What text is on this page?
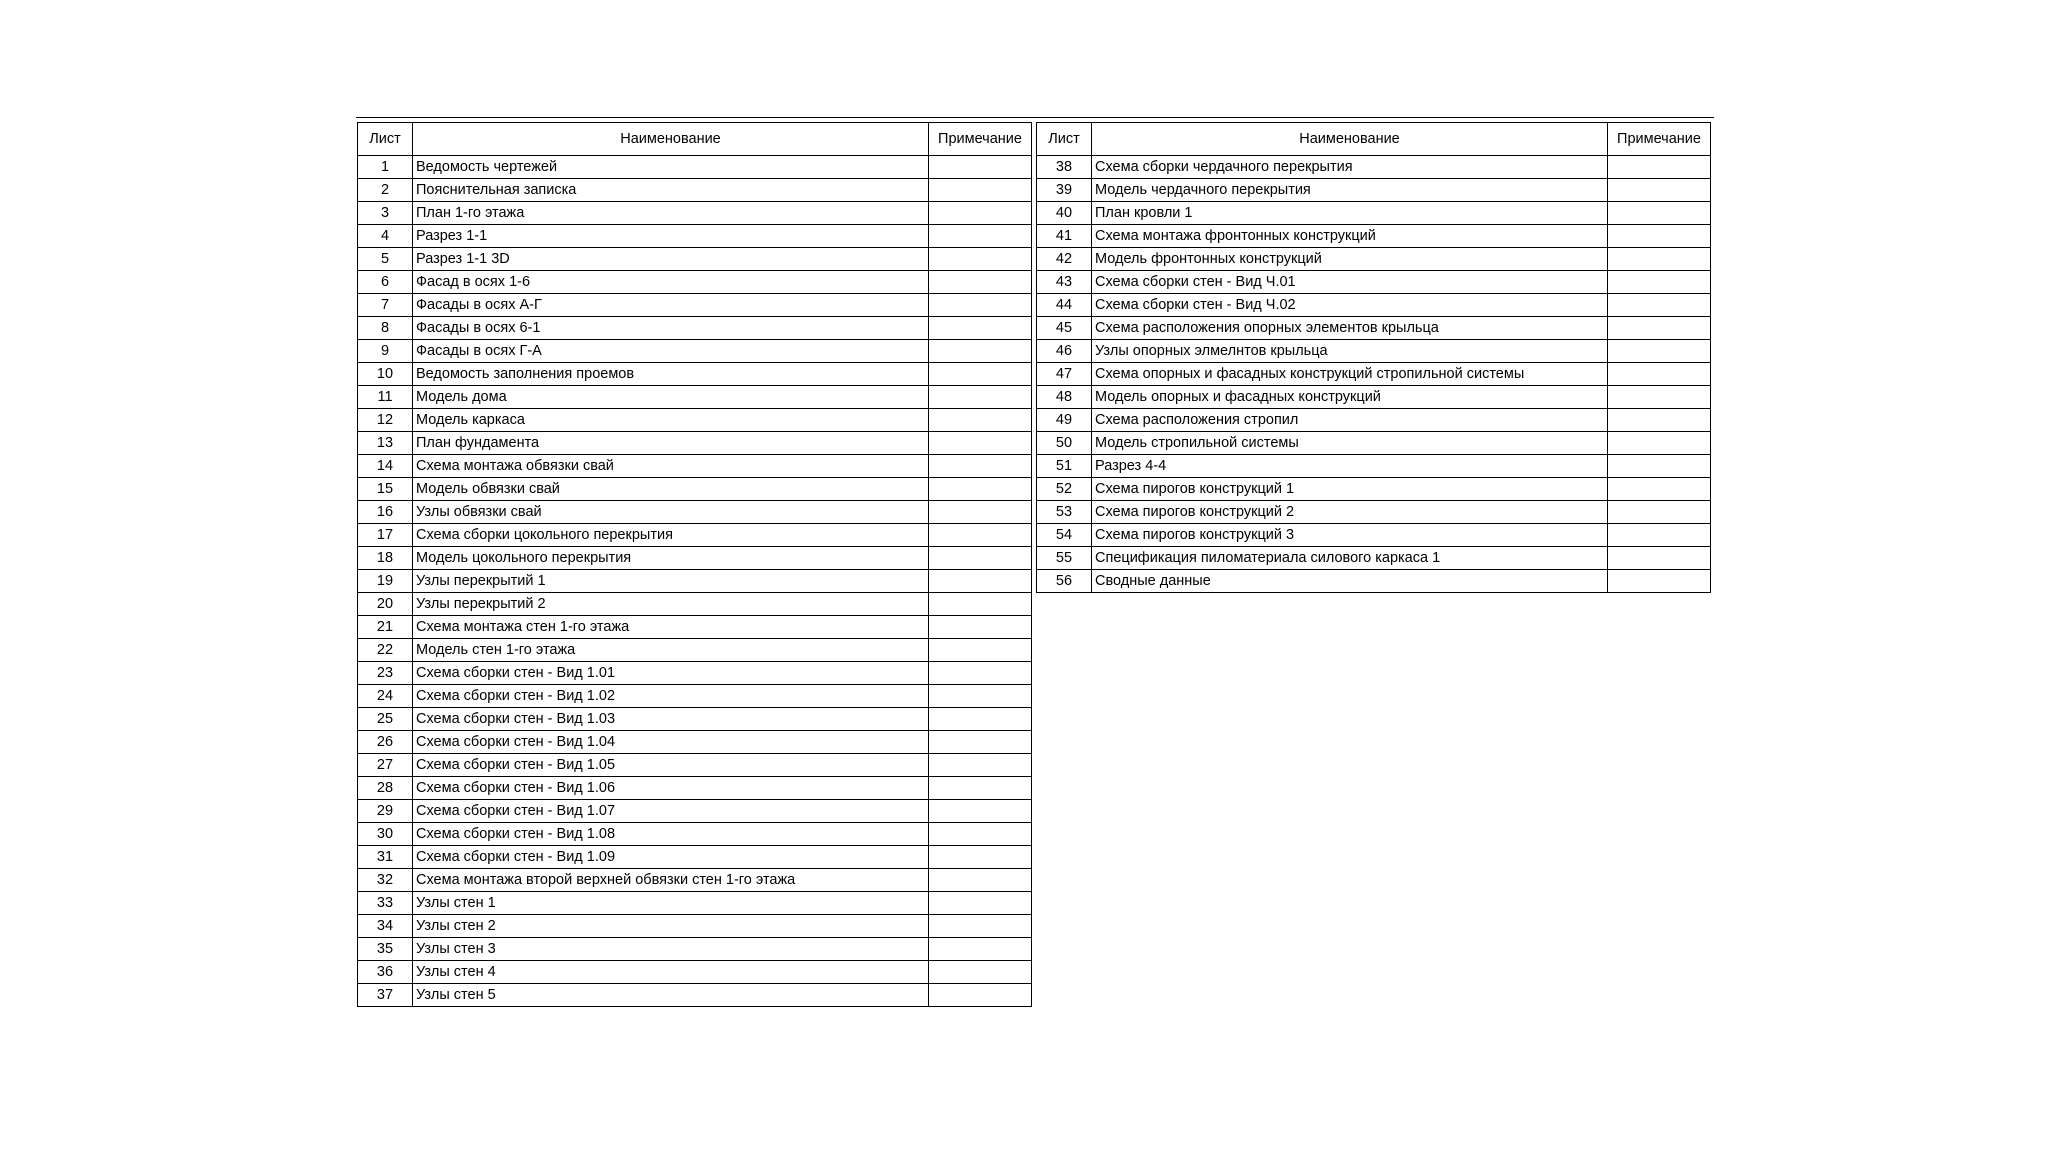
Лист	Наименование	Примечание
1	Ведомость чертежей	
2	Пояснительная записка	
3	План 1-го этажа	
4	Разрез 1-1	
5	Разрез 1-1 3D	
6	Фасад в осях 1-6	
7	Фасады в осях А-Г	
8	Фасады в осях 6-1	
9	Фасады в осях Г-А	
10	Ведомость заполнения проемов	
11	Модель дома	
12	Модель каркаса	
13	План фундамента	
14	Схема монтажа обвязки свай	
15	Модель обвязки свай	
16	Узлы обвязки свай	
17	Схема сборки цокольного перекрытия	
18	Модель цокольного перекрытия	
19	Узлы перекрытий 1	
20	Узлы перекрытий 2	
21	Схема монтажа стен 1-го этажа	
22	Модель стен 1-го этажа	
23	Схема сборки стен - Вид 1.01	
24	Схема сборки стен - Вид 1.02	
25	Схема сборки стен - Вид 1.03	
26	Схема сборки стен - Вид 1.04	
27	Схема сборки стен - Вид 1.05	
28	Схема сборки стен - Вид 1.06	
29	Схема сборки стен - Вид 1.07	
30	Схема сборки стен - Вид 1.08	
31	Схема сборки стен - Вид 1.09	
32	Схема монтажа второй верхней обвязки стен 1-го этажа	
33	Узлы стен 1	
34	Узлы стен 2	
35	Узлы стен 3	
36	Узлы стен 4	
37	Узлы стен 5	
Лист	Наименование	Примечание
38	Схема сборки чердачного перекрытия	
39	Модель чердачного перекрытия	
40	План кровли 1	
41	Схема монтажа фронтонных конструкций	
42	Модель фронтонных конструкций	
43	Схема сборки стен - Вид Ч.01	
44	Схема сборки стен - Вид Ч.02	
45	Схема расположения опорных элементов крыльца	
46	Узлы опорных элмелнтов крыльца	
47	Схема опорных и фасадных конструкций стропильной системы	
48	Модель опорных и фасадных конструкций	
49	Схема расположения стропил	
50	Модель стропильной системы	
51	Разрез 4-4	
52	Схема пирогов конструкций 1	
53	Схема пирогов конструкций 2	
54	Схема пирогов конструкций 3	
55	Спецификация пиломатериала силового каркаса 1	
56	Сводные данные	
